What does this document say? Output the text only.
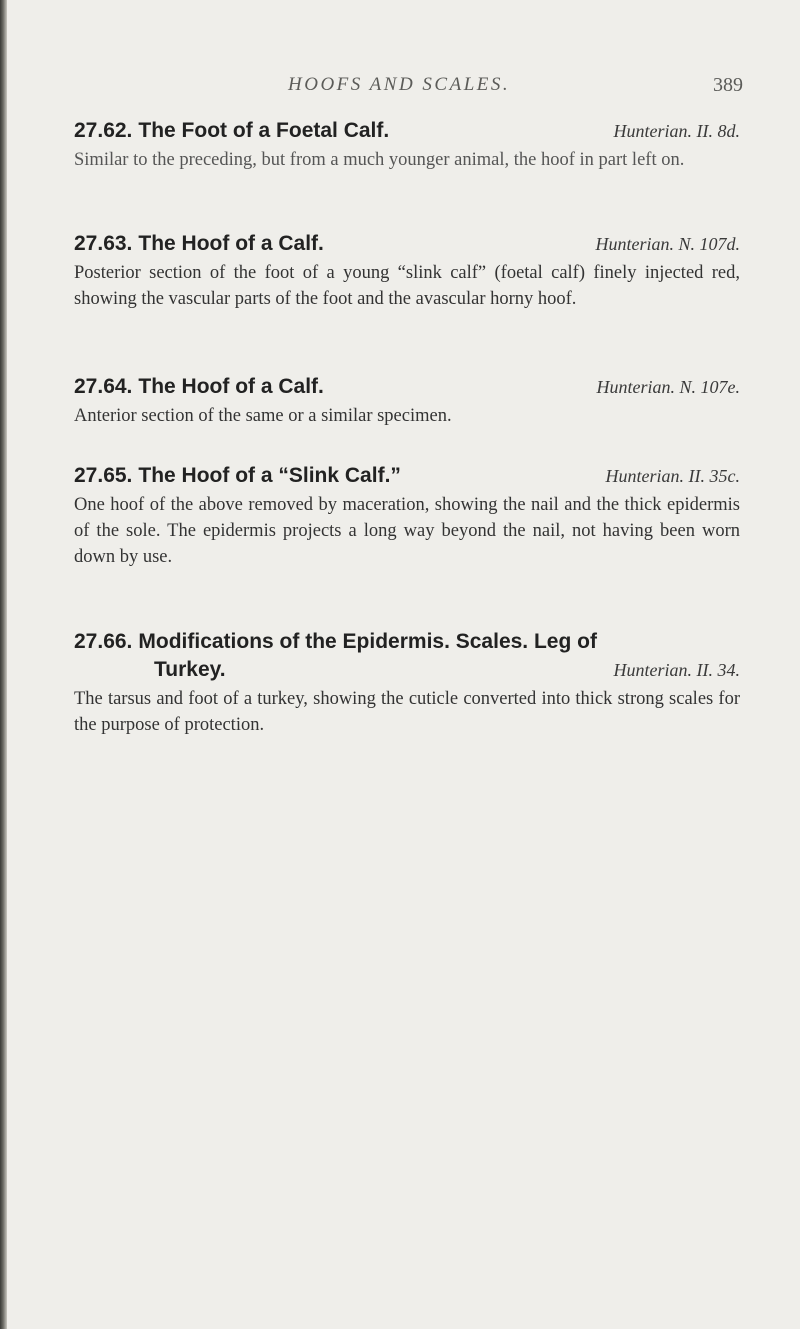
HOOFS AND SCALES.	389
27.62. The Foot of a Foetal Calf.	Hunterian. II. 8d.
Similar to the preceding, but from a much younger animal, the hoof in part left on.
27.63. The Hoof of a Calf.	Hunterian. N. 107d.
Posterior section of the foot of a young “slink calf” (foetal calf) finely injected red, showing the vascular parts of the foot and the avascular horny hoof.
27.64. The Hoof of a Calf.	Hunterian. N. 107e.
Anterior section of the same or a similar specimen.
27.65. The Hoof of a “Slink Calf.”	Hunterian. II. 35c.
One hoof of the above removed by maceration, showing the nail and the thick epidermis of the sole. The epidermis projects a long way beyond the nail, not having been worn down by use.
27.66. Modifications of the Epidermis. Scales. Leg of
Turkey.	Hunterian. II. 34.
The tarsus and foot of a turkey, showing the cuticle converted into thick strong scales for the purpose of protection.
